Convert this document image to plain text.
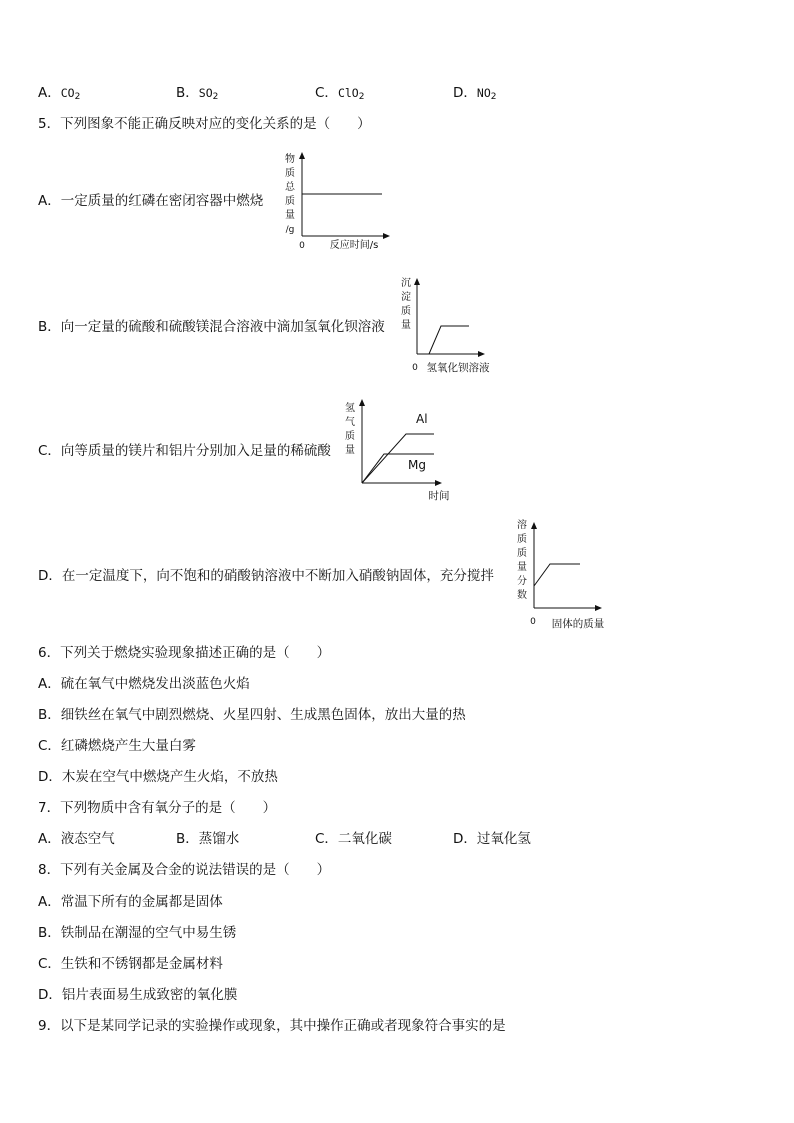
A．$CO_2$	B．$SO_2$	C．ClO$_2$	D．$NO_2$
5．下列图象不能正确反映对应的变化关系的是（　　）
A．一定质量的红磷在密闭容器中燃烧
物
质
总
质
量
/g
0 反应时间/s
B．向一定量的硫酸和硫酸镁混合溶液中滴加氢氧化钡溶液
沉
淀
质
量
0 氢氧化钡溶液
C．向等质量的镁片和铝片分别加入足量的稀硫酸
氢
气
质
量
Al
Mg
时间
D．在一定温度下，向不饱和的硝酸钠溶液中不断加入硝酸钠固体，充分搅拌
溶
质
质
量
分
数
0 固体的质量
6．下列关于燃烧实验现象描述正确的是（　　）
A．硫在氧气中燃烧发出淡蓝色火焰
B．细铁丝在氧气中剧烈燃烧、火星四射、生成黑色固体，放出大量的热
C．红磷燃烧产生大量白雾
D．木炭在空气中燃烧产生火焰，不放热
7．下列物质中含有氧分子的是（　　）
A．液态空气	B．蒸馏水	C．二氧化碳	D．过氧化氢
8．下列有关金属及合金的说法错误的是（　　）
A．常温下所有的金属都是固体
B．铁制品在潮湿的空气中易生锈
C．生铁和不锈钢都是金属材料
D．铝片表面易生成致密的氧化膜
9．以下是某同学记录的实验操作或现象，其中操作正确或者现象符合事实的是
